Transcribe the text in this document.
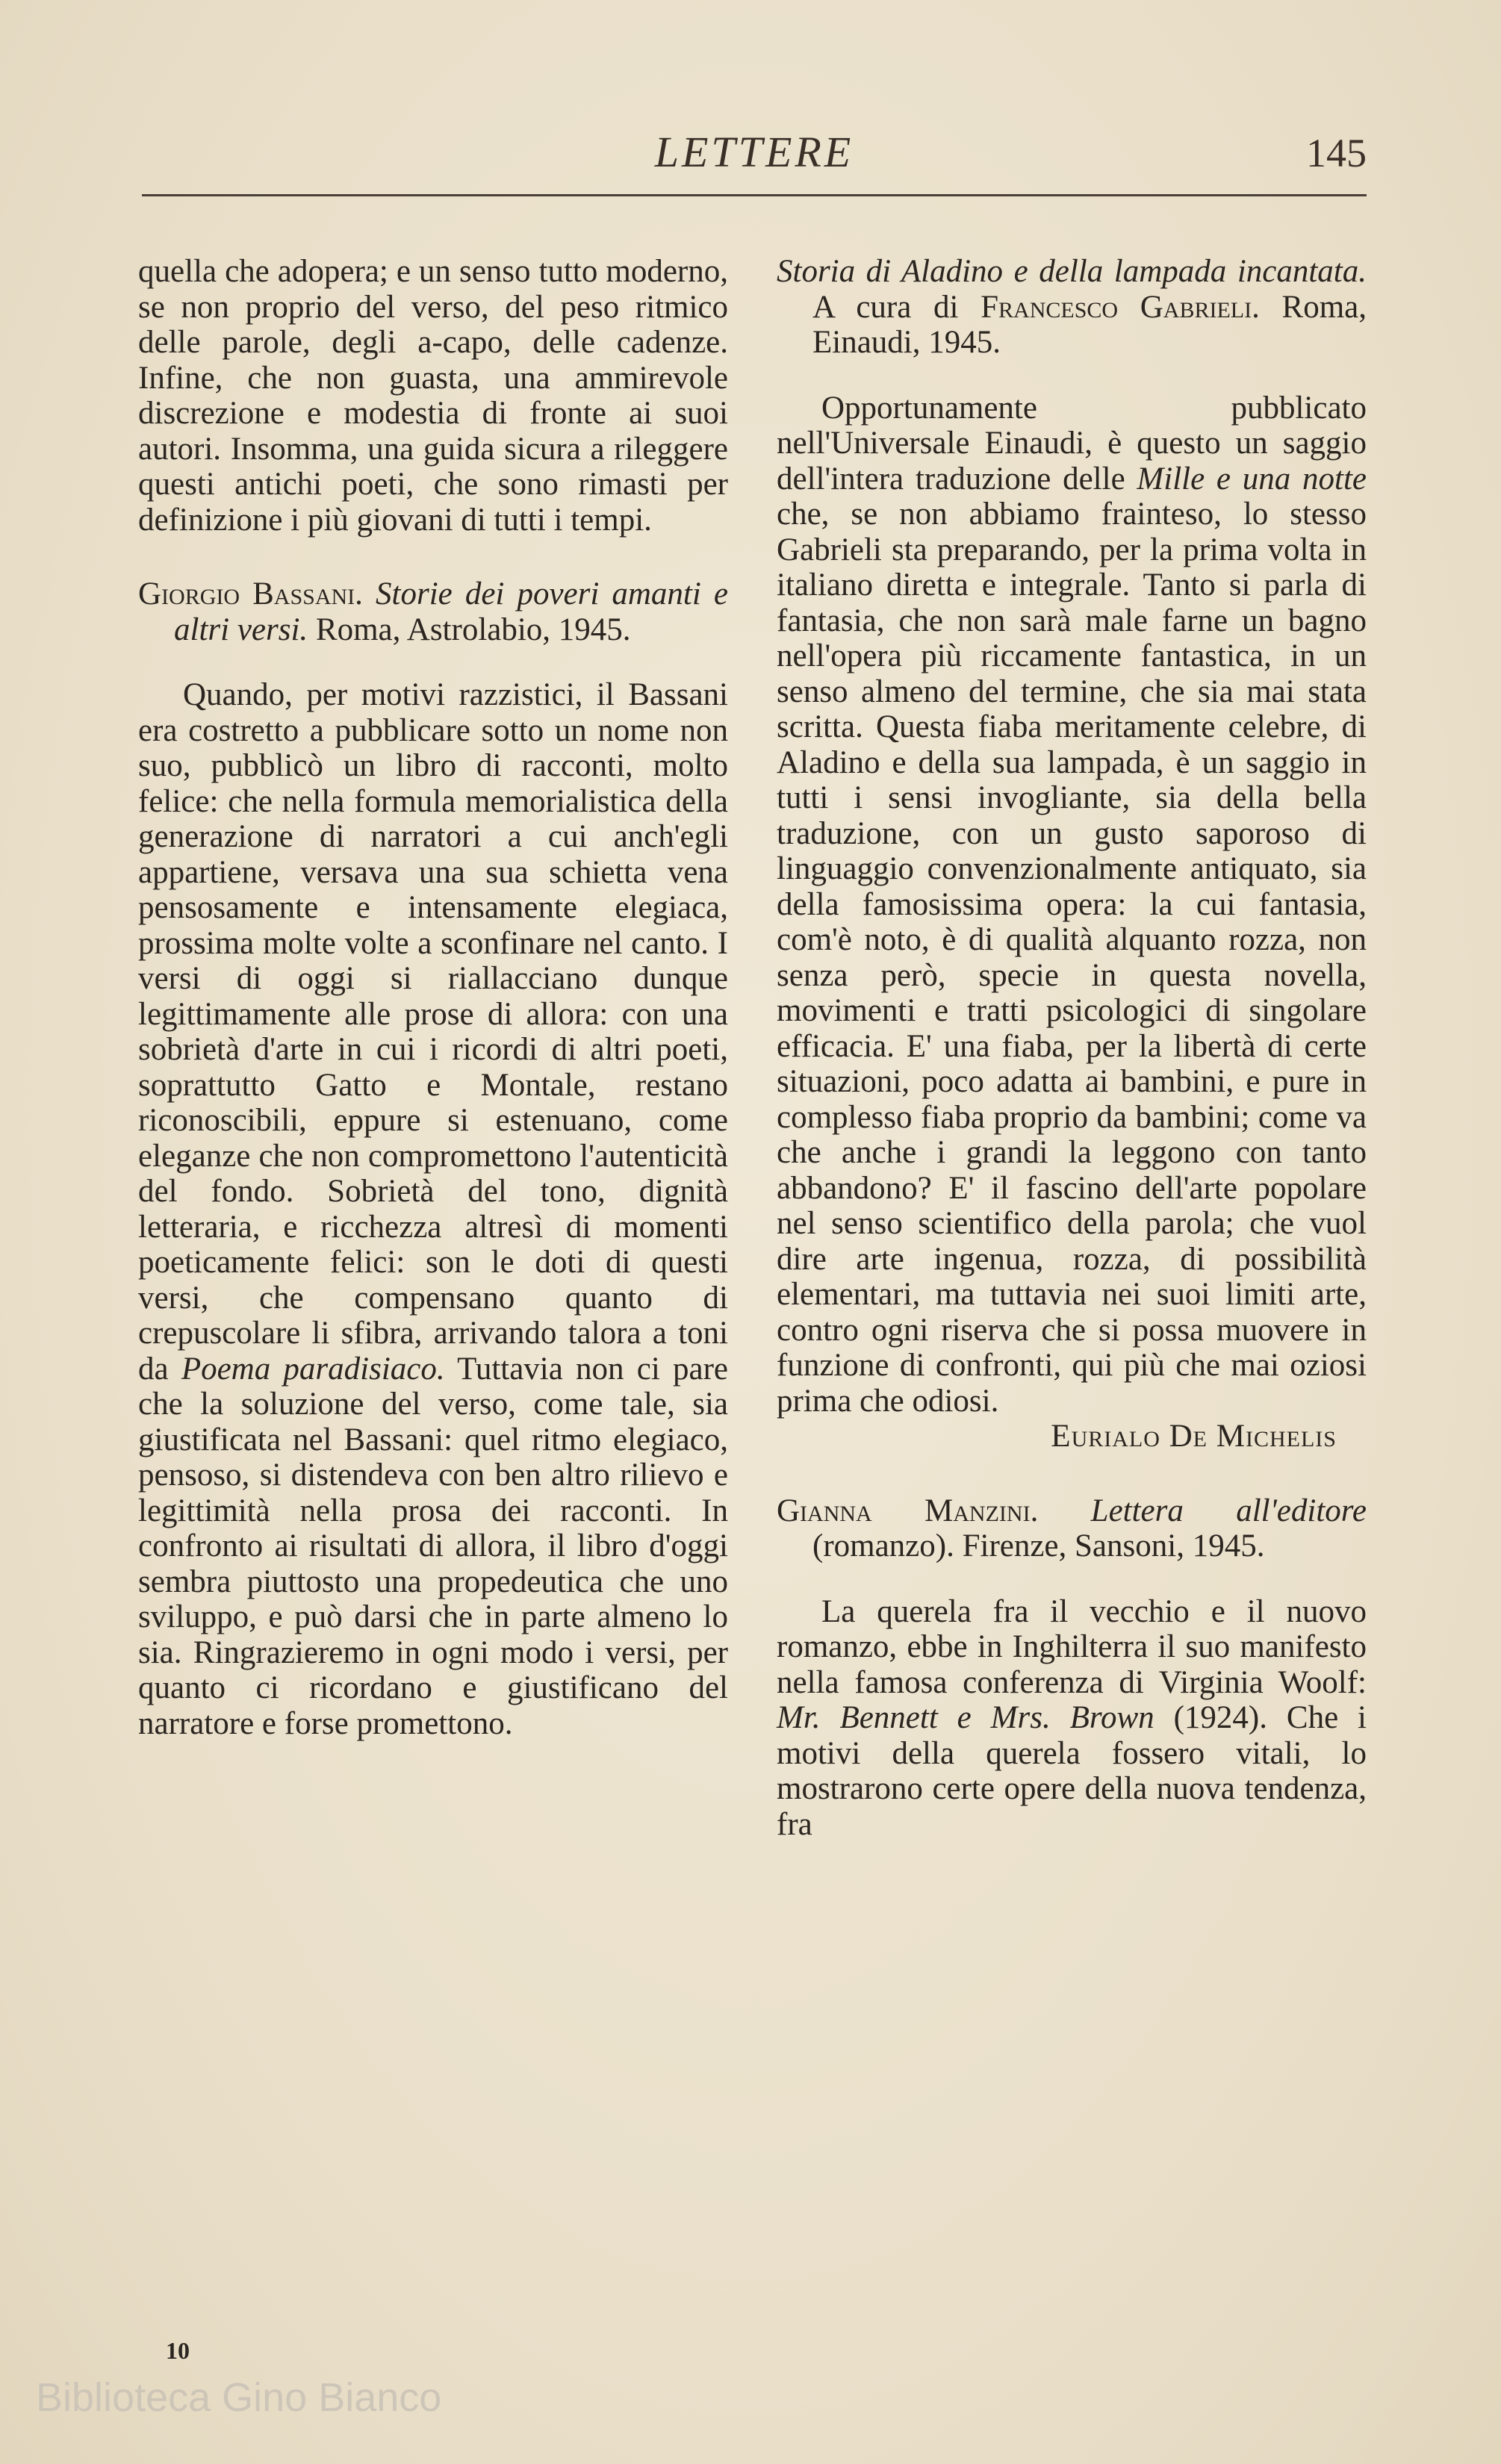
LETTERE	145

quella che adopera; e un senso tutto moderno, se non proprio del verso, del peso ritmico delle parole, degli a-capo, delle cadenze. Infine, che non guasta, una ammirevole discrezione e modestia di fronte ai suoi autori. Insomma, una guida sicura a rileggere questi antichi poeti, che sono rimasti per definizione i più giovani di tutti i tempi.

Giorgio Bassani. Storie dei poveri amanti e altri versi. Roma, Astrolabio, 1945.

Quando, per motivi razzistici, il Bassani era costretto a pubblicare sotto un nome non suo, pubblicò un libro di racconti, molto felice: che nella formula memorialistica della generazione di narratori a cui anch'egli appartiene, versava una sua schietta vena pensosamente e intensamente elegiaca, prossima molte volte a sconfinare nel canto. I versi di oggi si riallacciano dunque legittimamente alle prose di allora: con una sobrietà d'arte in cui i ricordi di altri poeti, soprattutto Gatto e Montale, restano riconoscibili, eppure si estenuano, come eleganze che non compromettono l'autenticità del fondo. Sobrietà del tono, dignità letteraria, e ricchezza altresì di momenti poeticamente felici: son le doti di questi versi, che compensano quanto di crepuscolare li sfibra, arrivando talora a toni da Poema paradisiaco. Tuttavia non ci pare che la soluzione del verso, come tale, sia giustificata nel Bassani: quel ritmo elegiaco, pensoso, si distendeva con ben altro rilievo e legittimità nella prosa dei racconti. In confronto ai risultati di allora, il libro d'oggi sembra piuttosto una propedeutica che uno sviluppo, e può darsi che in parte almeno lo sia. Ringrazieremo in ogni modo i versi, per quanto ci ricordano e giustificano del narratore e forse promettono.

Storia di Aladino e della lampada incantata. A cura di Francesco Gabrieli. Roma, Einaudi, 1945.

Opportunamente pubblicato nell'Universale Einaudi, è questo un saggio dell'intera traduzione delle Mille e una notte che, se non abbiamo frainteso, lo stesso Gabrieli sta preparando, per la prima volta in italiano diretta e integrale. Tanto si parla di fantasia, che non sarà male farne un bagno nell'opera più riccamente fantastica, in un senso almeno del termine, che sia mai stata scritta. Questa fiaba meritamente celebre, di Aladino e della sua lampada, è un saggio in tutti i sensi invogliante, sia della bella traduzione, con un gusto saporoso di linguaggio convenzionalmente antiquato, sia della famosissima opera: la cui fantasia, com'è noto, è di qualità alquanto rozza, non senza però, specie in questa novella, movimenti e tratti psicologici di singolare efficacia. E' una fiaba, per la libertà di certe situazioni, poco adatta ai bambini, e pure in complesso fiaba proprio da bambini; come va che anche i grandi la leggono con tanto abbandono? E' il fascino dell'arte popolare nel senso scientifico della parola; che vuol dire arte ingenua, rozza, di possibilità elementari, ma tuttavia nei suoi limiti arte, contro ogni riserva che si possa muovere in funzione di confronti, qui più che mai oziosi prima che odiosi.

Eurialo De Michelis

Gianna Manzini. Lettera all'editore (romanzo). Firenze, Sansoni, 1945.

La querela fra il vecchio e il nuovo romanzo, ebbe in Inghilterra il suo manifesto nella famosa conferenza di Virginia Woolf: Mr. Bennett e Mrs. Brown (1924). Che i motivi della querela fossero vitali, lo mostrarono certe opere della nuova tendenza, fra

10
Biblioteca Gino Bianco
